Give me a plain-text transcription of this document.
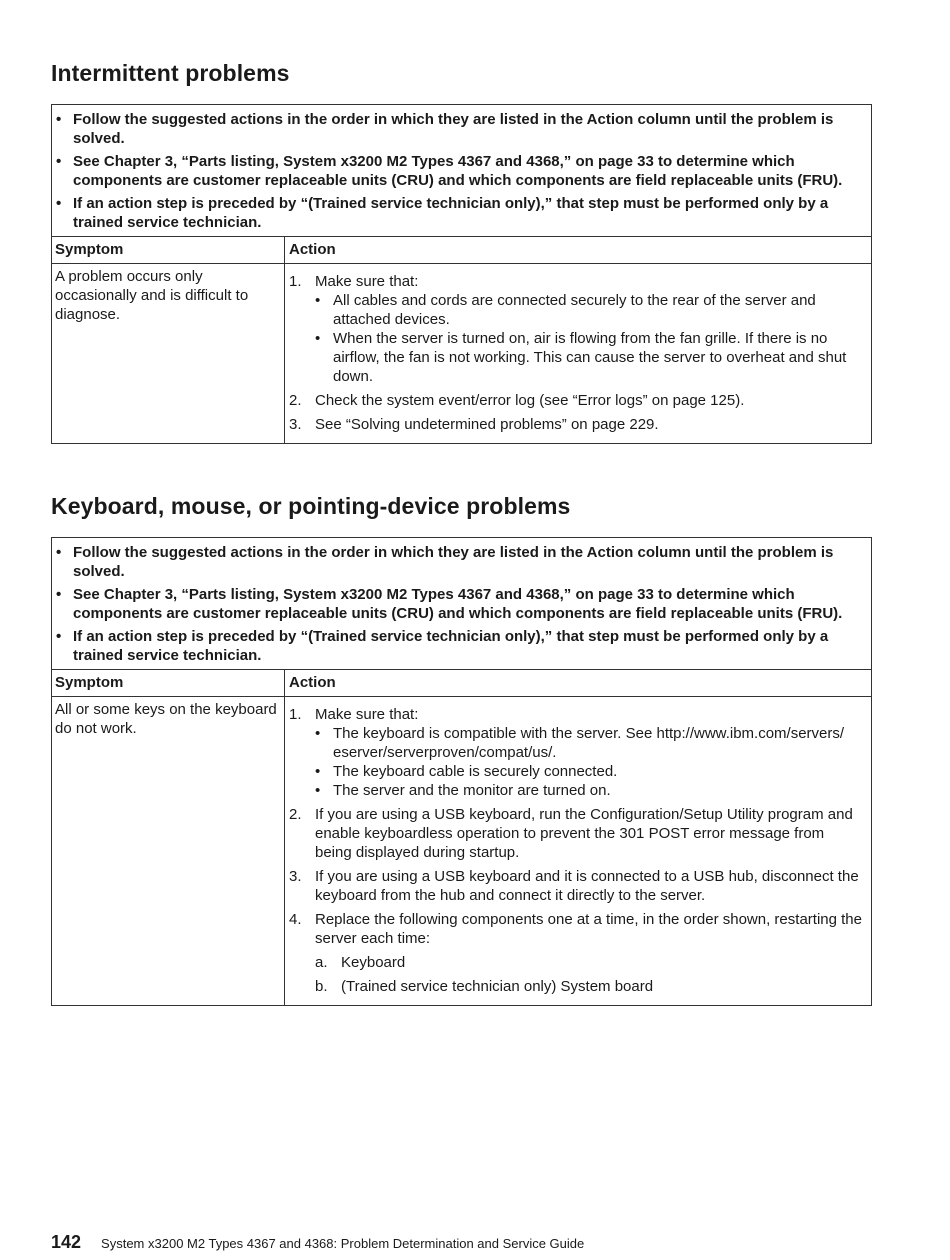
Intermittent problems
• Follow the suggested actions in the order in which they are listed in the Action column until the problem is solved.
• See Chapter 3, “Parts listing, System x3200 M2 Types 4367 and 4368,” on page 33 to determine which components are customer replaceable units (CRU) and which components are field replaceable units (FRU).
• If an action step is preceded by “(Trained service technician only),” that step must be performed only by a trained service technician.
Symptom	Action
A problem occurs only occasionally and is difficult to diagnose.
1. Make sure that:
• All cables and cords are connected securely to the rear of the server and attached devices.
• When the server is turned on, air is flowing from the fan grille. If there is no airflow, the fan is not working. This can cause the server to overheat and shut down.
2. Check the system event/error log (see “Error logs” on page 125).
3. See “Solving undetermined problems” on page 229.
Keyboard, mouse, or pointing-device problems
• Follow the suggested actions in the order in which they are listed in the Action column until the problem is solved.
• See Chapter 3, “Parts listing, System x3200 M2 Types 4367 and 4368,” on page 33 to determine which components are customer replaceable units (CRU) and which components are field replaceable units (FRU).
• If an action step is preceded by “(Trained service technician only),” that step must be performed only by a trained service technician.
Symptom	Action
All or some keys on the keyboard do not work.
1. Make sure that:
• The keyboard is compatible with the server. See http://www.ibm.com/servers/ eserver/serverproven/compat/us/.
• The keyboard cable is securely connected.
• The server and the monitor are turned on.
2. If you are using a USB keyboard, run the Configuration/Setup Utility program and enable keyboardless operation to prevent the 301 POST error message from being displayed during startup.
3. If you are using a USB keyboard and it is connected to a USB hub, disconnect the keyboard from the hub and connect it directly to the server.
4. Replace the following components one at a time, in the order shown, restarting the server each time:
a. Keyboard
b. (Trained service technician only) System board
142 System x3200 M2 Types 4367 and 4368: Problem Determination and Service Guide
